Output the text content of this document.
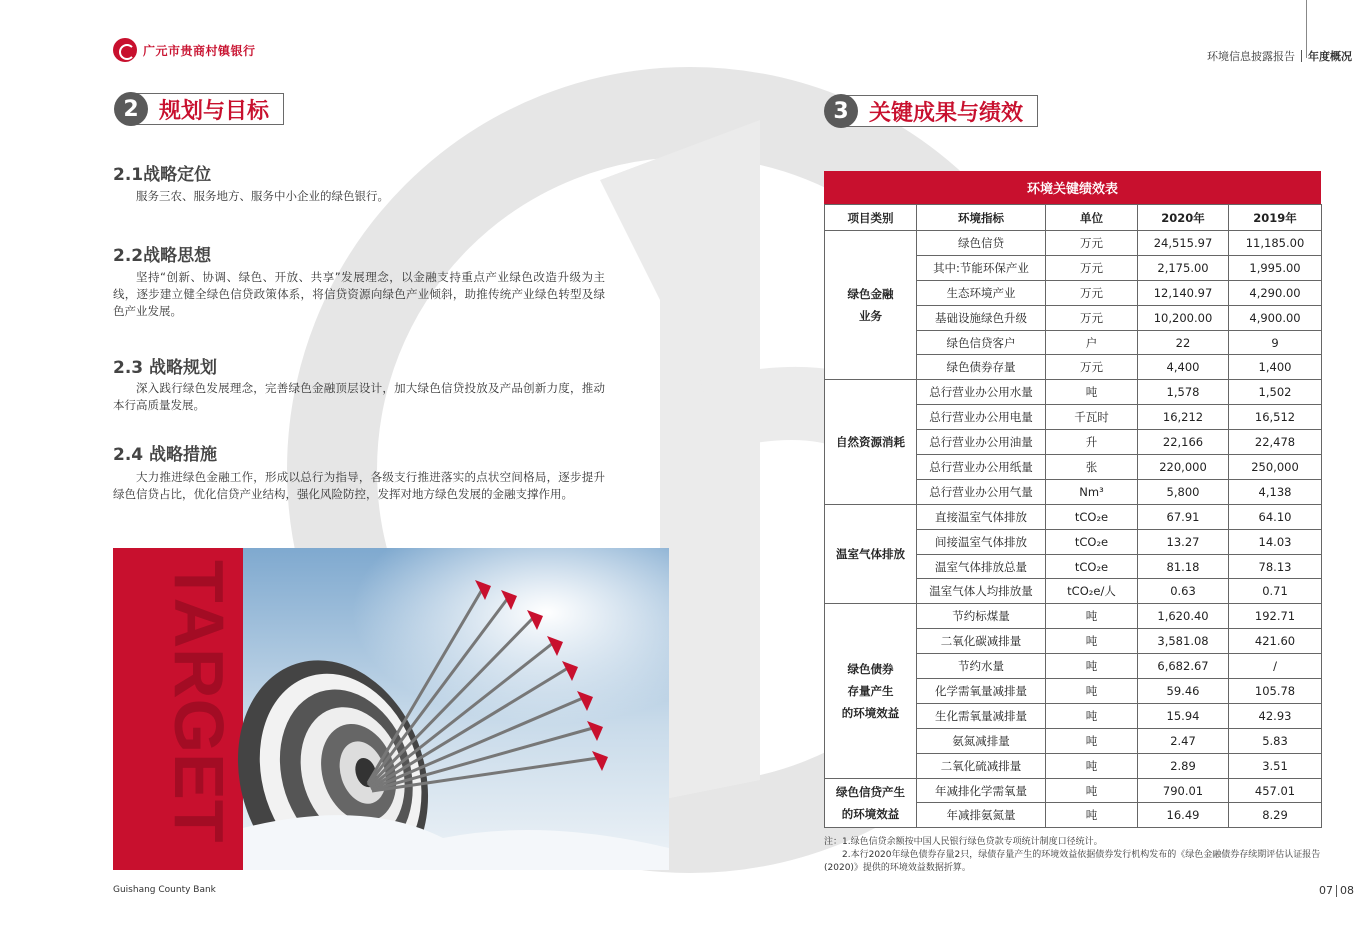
广元市贵商村镇银行	环境信息披露报告 年度概况
2 规划与目标
2.1战略定位
服务三农、服务地方、服务中小企业的绿色银行。
2.2战略思想
坚持“创新、协调、绿色、开放、共享”发展理念，以金融支持重点产业绿色改造升级为主线，逐步建立健全绿色信贷政策体系，将信贷资源向绿色产业倾斜，助推传统产业绿色转型及绿色产业发展。
2.3 战略规划
深入践行绿色发展理念，完善绿色金融顶层设计，加大绿色信贷投放及产品创新力度，推动本行高质量发展。
2.4 战略措施
大力推进绿色金融工作，形成以总行为指导，各级支行推进落实的点状空间格局，逐步提升绿色信贷占比，优化信贷产业结构，强化风险防控，发挥对地方绿色发展的金融支撑作用。
TARGET
3 关键成果与绩效
环境关键绩效表
项目类别	环境指标	单位	2020年	2019年

绿色金融
业务	绿色信贷	万元	24,515.97	11,185.00
	其中:节能环保产业	万元	2,175.00	1,995.00
	生态环境产业	万元	12,140.97	4,290.00
	基础设施绿色升级	万元	10,200.00	4,900.00
	绿色信贷客户	户	22	9
	绿色债券存量	万元	4,400	1,400

自然资源消耗	总行营业办公用水量	吨	1,578	1,502
	总行营业办公用电量	千瓦时	16,212	16,512
	总行营业办公用油量	升	22,166	22,478
	总行营业办公用纸量	张	220,000	250,000
	总行营业办公用气量	Nm³	5,800	4,138

温室气体排放	直接温室气体排放	tCO₂e	67.91	64.10
	间接温室气体排放	tCO₂e	13.27	14.03
	温室气体排放总量	tCO₂e	81.18	78.13
	温室气体人均排放量	tCO₂e/人	0.63	0.71

绿色债券
存量产生
的环境效益	节约标煤量	吨	1,620.40	192.71
	二氧化碳减排量	吨	3,581.08	421.60
	节约水量	吨	6,682.67	/
	化学需氧量减排量	吨	59.46	105.78
	生化需氧量减排量	吨	15.94	42.93
	氨氮减排量	吨	2.47	5.83
	二氧化硫减排量	吨	2.89	3.51

绿色信贷产生
的环境效益	年减排化学需氧量	吨	790.01	457.01
	年减排氨氮量	吨	16.49	8.29

注：1.绿色信贷余额按中国人民银行绿色贷款专项统计制度口径统计。

2.本行2020年绿色债券存量2只，绿债存量产生的环境效益依据债券发行机构发布的《绿色金融债券存续期评估认证报告(2020)》提供的环境效益数据折算。

Guishang County Bank	07 08
